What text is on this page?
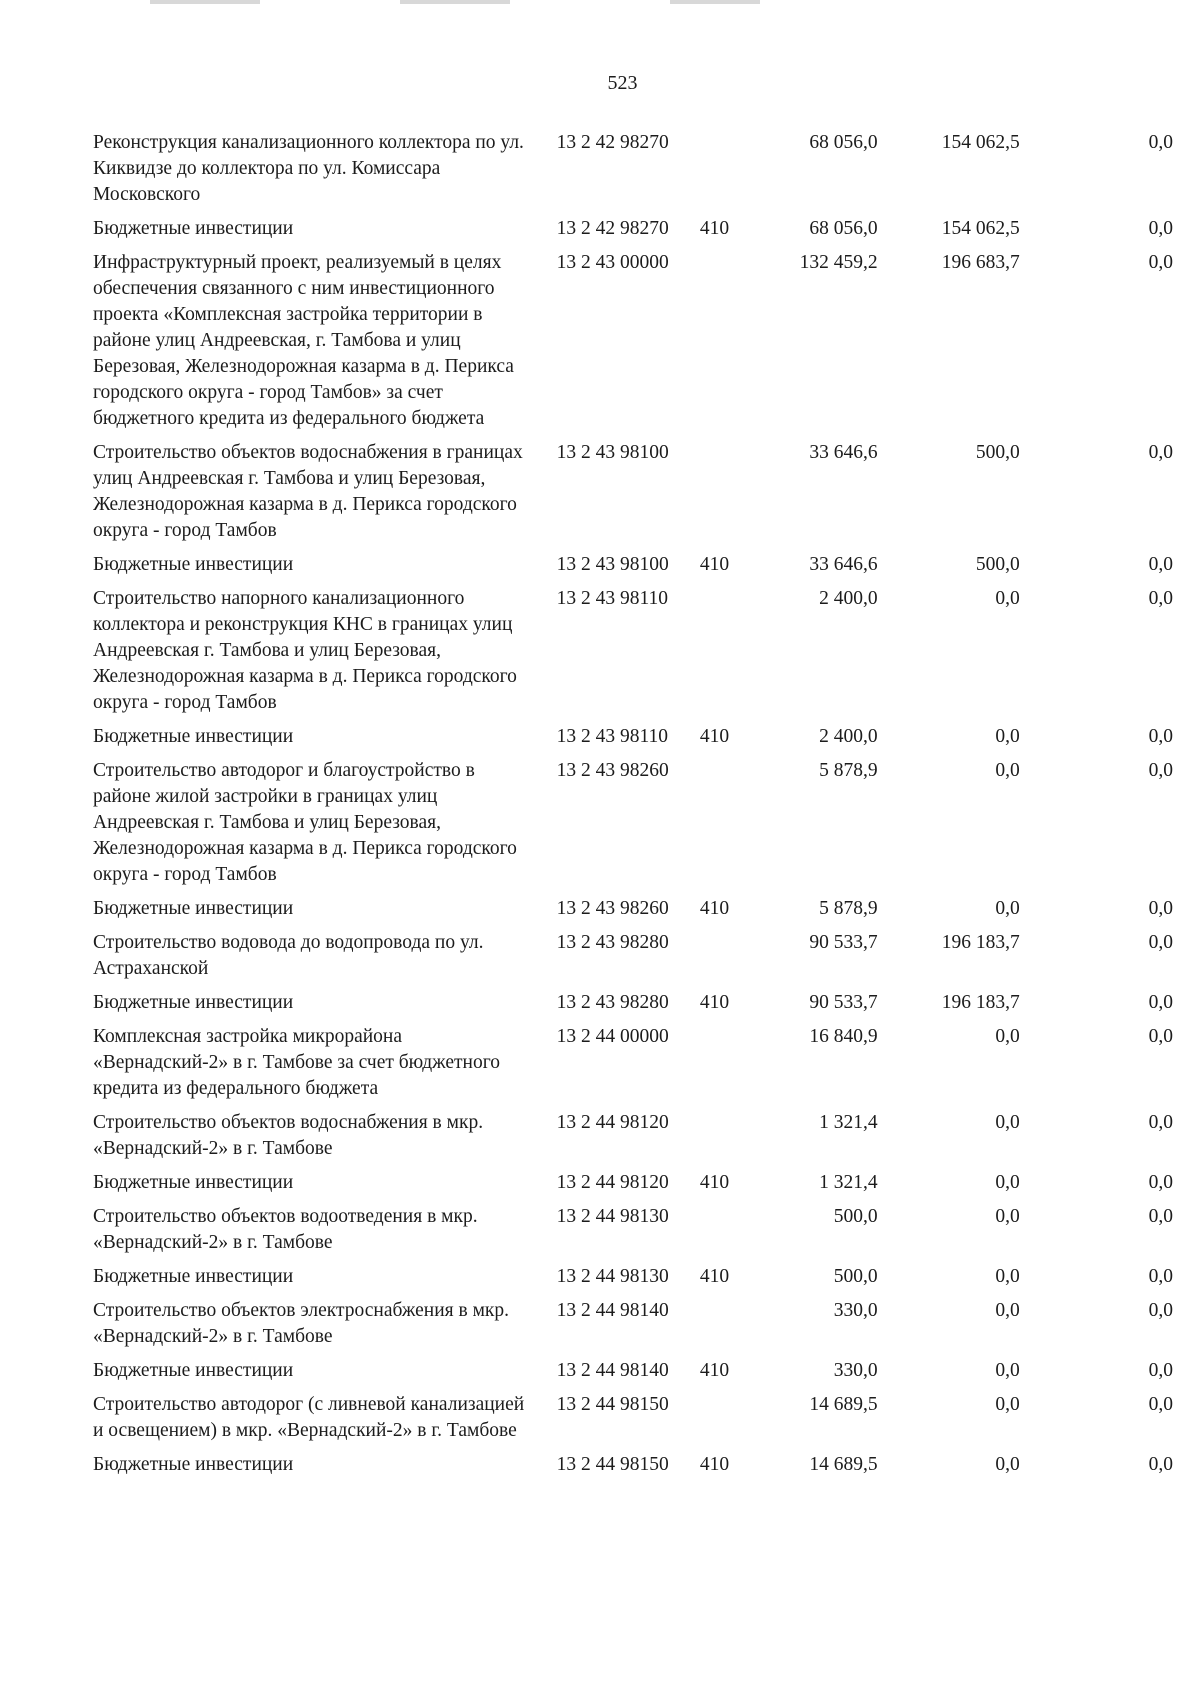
523
Реконструкция канализационного коллектора по ул. Киквидзе до коллектора по ул. Комиссара Московского	13 2 42 98270		68 056,0	154 062,5	0,0
Бюджетные инвестиции	13 2 42 98270	410	68 056,0	154 062,5	0,0
Инфраструктурный проект, реализуемый в целях обеспечения связанного с ним инвестиционного проекта «Комплексная застройка территории в районе улиц Андреевская, г. Тамбова и улиц Березовая, Железнодорожная казарма в д. Перикса городского округа - город Тамбов» за счет бюджетного кредита из федерального бюджета	13 2 43 00000		132 459,2	196 683,7	0,0
Строительство объектов водоснабжения в границах улиц Андреевская г. Тамбова и улиц Березовая, Железнодорожная казарма в д. Перикса городского округа - город Тамбов	13 2 43 98100		33 646,6	500,0	0,0
Бюджетные инвестиции	13 2 43 98100	410	33 646,6	500,0	0,0
Строительство напорного канализационного коллектора и реконструкция КНС в границах улиц Андреевская г. Тамбова и улиц Березовая, Железнодорожная казарма в д. Перикса городского округа - город Тамбов	13 2 43 98110		2 400,0	0,0	0,0
Бюджетные инвестиции	13 2 43 98110	410	2 400,0	0,0	0,0
Строительство автодорог и благоустройство в районе жилой застройки в границах улиц Андреевская г. Тамбова и улиц Березовая, Железнодорожная казарма в д. Перикса городского округа - город Тамбов	13 2 43 98260		5 878,9	0,0	0,0
Бюджетные инвестиции	13 2 43 98260	410	5 878,9	0,0	0,0
Строительство водовода до водопровода по ул. Астраханской	13 2 43 98280		90 533,7	196 183,7	0,0
Бюджетные инвестиции	13 2 43 98280	410	90 533,7	196 183,7	0,0
Комплексная застройка микрорайона «Вернадский-2» в г. Тамбове за счет бюджетного кредита из федерального бюджета	13 2 44 00000		16 840,9	0,0	0,0
Строительство объектов водоснабжения в мкр. «Вернадский-2» в г. Тамбове	13 2 44 98120		1 321,4	0,0	0,0
Бюджетные инвестиции	13 2 44 98120	410	1 321,4	0,0	0,0
Строительство объектов водоотведения в мкр. «Вернадский-2» в г. Тамбове	13 2 44 98130		500,0	0,0	0,0
Бюджетные инвестиции	13 2 44 98130	410	500,0	0,0	0,0
Строительство объектов электроснабжения в мкр. «Вернадский-2» в г. Тамбове	13 2 44 98140		330,0	0,0	0,0
Бюджетные инвестиции	13 2 44 98140	410	330,0	0,0	0,0
Строительство автодорог (с ливневой канализацией и освещением) в мкр. «Вернадский-2» в г. Тамбове	13 2 44 98150		14 689,5	0,0	0,0
Бюджетные инвестиции	13 2 44 98150	410	14 689,5	0,0	0,0
